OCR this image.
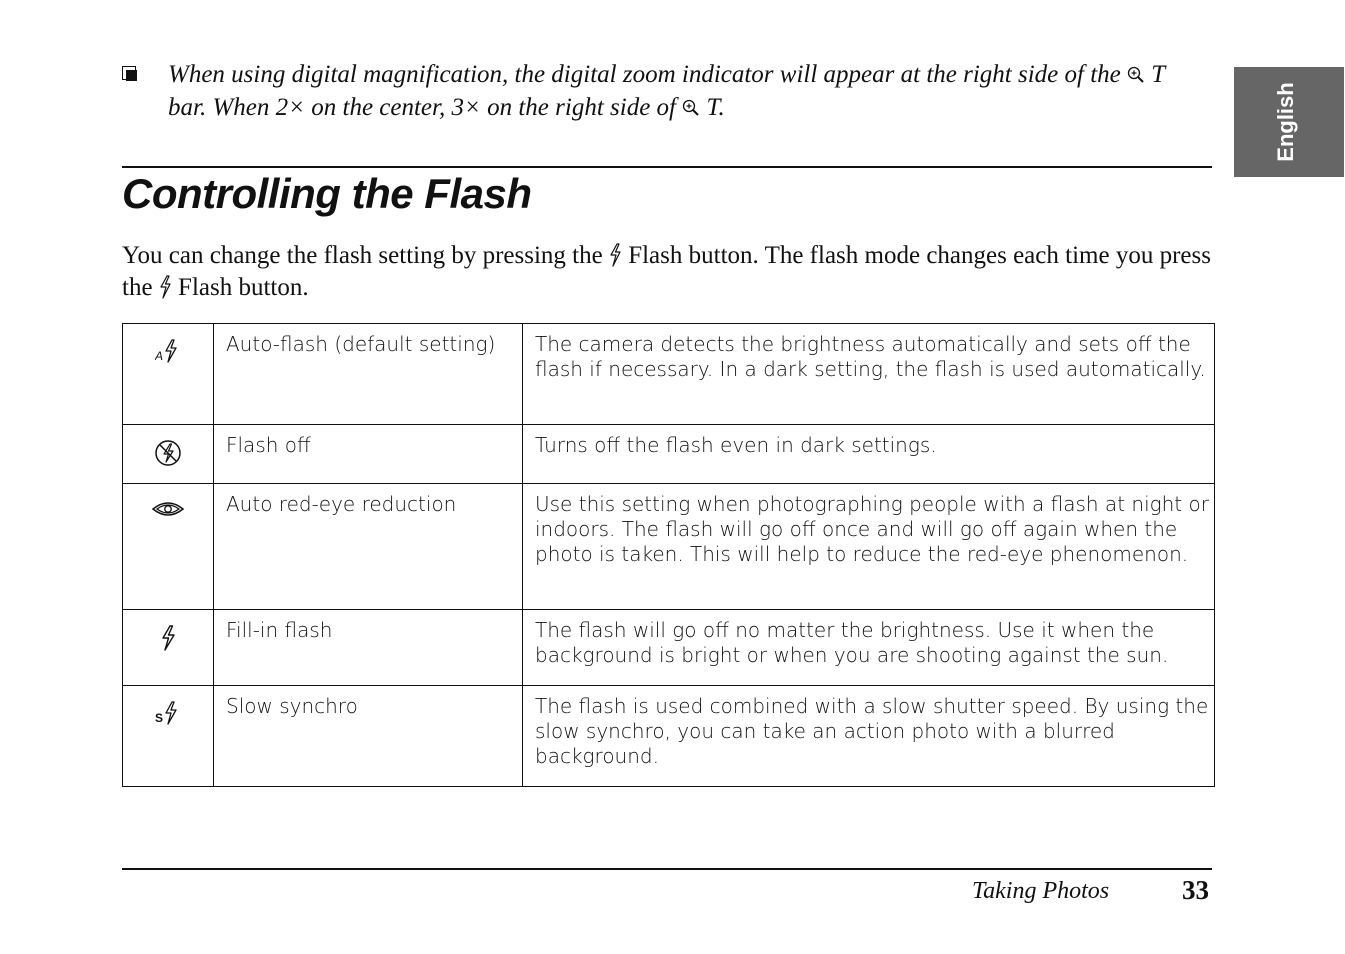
When using digital magnification, the digital zoom indicator will appear at the right side of the T
bar. When 2× on the center, 3× on the right side of T.
Controlling the Flash
You can change the flash setting by pressing the Flash button. The flash mode changes each time you press the Flash button.
A	Auto-flash (default setting)	The camera detects the brightness automatically and sets off the flash if necessary. In a dark setting, the flash is used automatically.
	Flash off	Turns off the flash even in dark settings.
	Auto red-eye reduction	Use this setting when photographing people with a flash at night or indoors. The flash will go off once and will go off again when the photo is taken. This will help to reduce the red-eye phenomenon.
	Fill-in flash	The flash will go off no matter the brightness. Use it when the background is bright or when you are shooting against the sun.

S	Slow synchro	The flash is used combined with a slow shutter speed. By using the slow synchro, you can take an action photo with a blurred background.
English
Taking Photos	33
